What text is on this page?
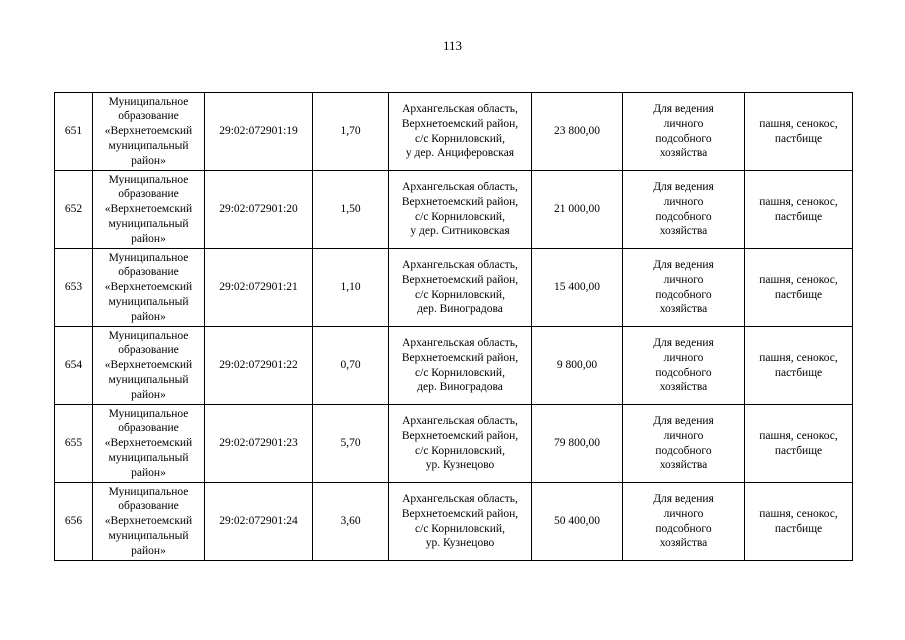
113
651	Муниципальное
образование
«Верхнетоемский
муниципальный
район»	29:02:072901:19	1,70	Архангельская область,
Верхнетоемский район,
с/с Корниловский,
у дер. Анциферовская	23 800,00	Для ведения
личного
подсобного
хозяйства	пашня, сенокос,
пастбище

652	Муниципальное
образование
«Верхнетоемский
муниципальный
район»	29:02:072901:20	1,50	Архангельская область,
Верхнетоемский район,
с/с Корниловский,
у дер. Ситниковская	21 000,00	Для ведения
личного
подсобного
хозяйства	пашня, сенокос,
пастбище

653	Муниципальное
образование
«Верхнетоемский
муниципальный
район»	29:02:072901:21	1,10	Архангельская область,
Верхнетоемский район,
с/с Корниловский,
дер. Виноградова	15 400,00	Для ведения
личного
подсобного
хозяйства	пашня, сенокос,
пастбище

654	Муниципальное
образование
«Верхнетоемский
муниципальный
район»	29:02:072901:22	0,70	Архангельская область,
Верхнетоемский район,
с/с Корниловский,
дер. Виноградова	9 800,00	Для ведения
личного
подсобного
хозяйства	пашня, сенокос,
пастбище

655	Муниципальное
образование
«Верхнетоемский
муниципальный
район»	29:02:072901:23	5,70	Архангельская область,
Верхнетоемский район,
с/с Корниловский,
ур. Кузнецово	79 800,00	Для ведения
личного
подсобного
хозяйства	пашня, сенокос,
пастбище

656	Муниципальное
образование
«Верхнетоемский
муниципальный
район»	29:02:072901:24	3,60	Архангельская область,
Верхнетоемский район,
с/с Корниловский,
ур. Кузнецово	50 400,00	Для ведения
личного
подсобного
хозяйства	пашня, сенокос,
пастбище
